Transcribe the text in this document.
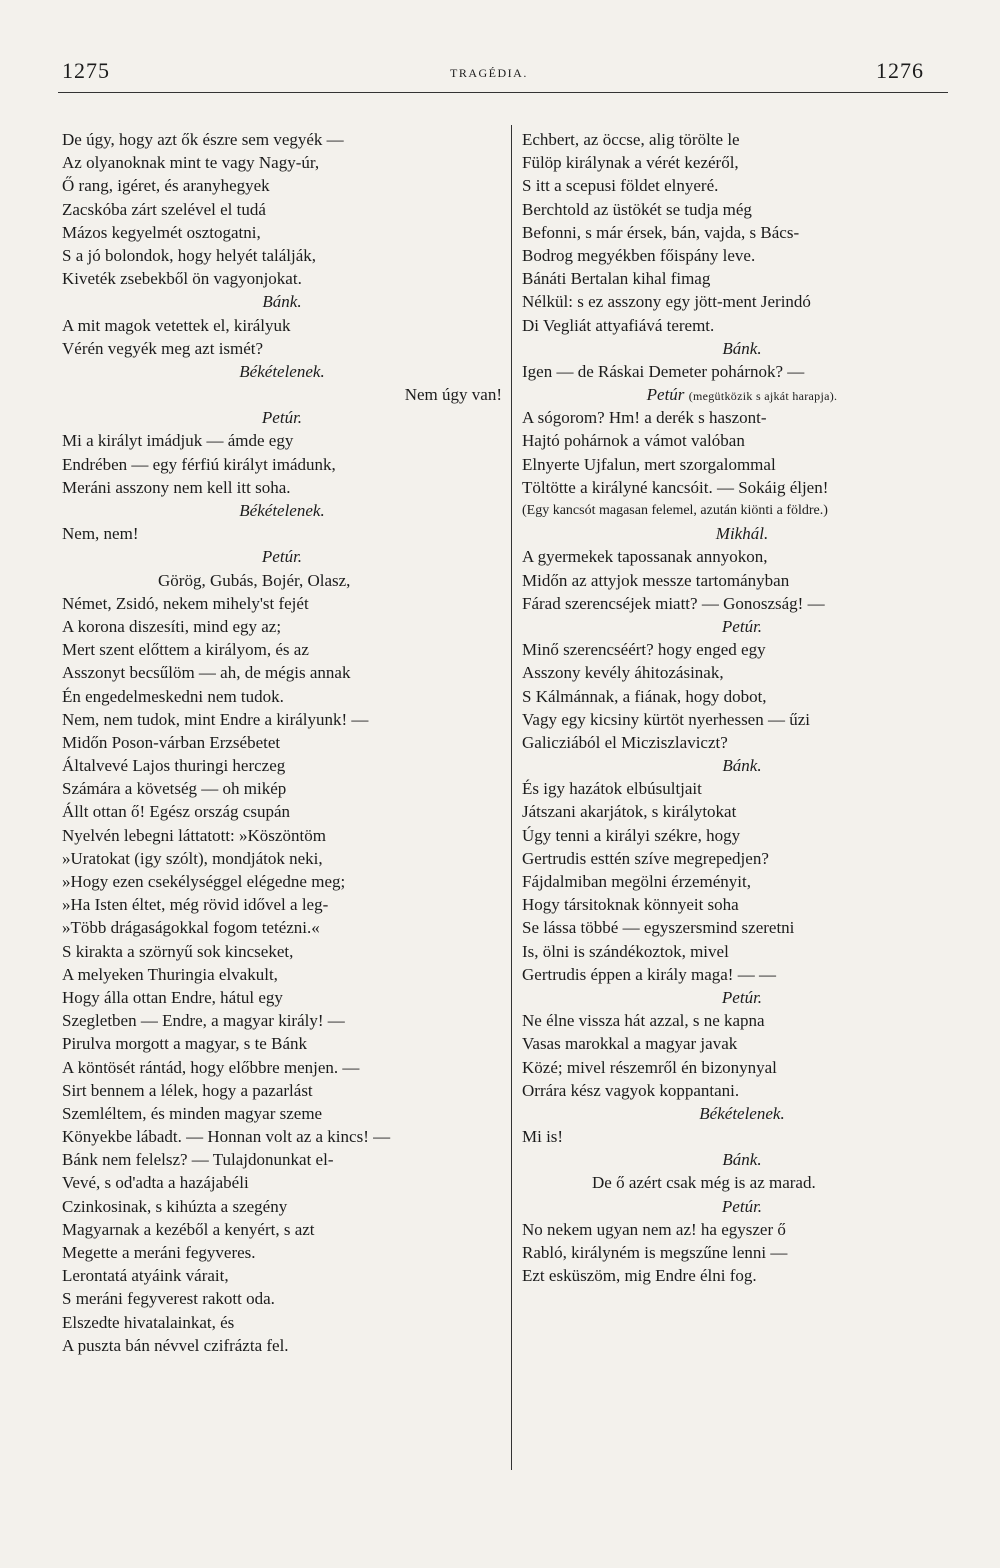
1275	TRAGÉDIA.	1276
De úgy, hogy azt ők észre sem vegyék —
Az olyanoknak mint te vagy Nagy-úr,
Ő rang, igéret, és aranyhegyek
Zacskóba zárt szelével el tudá
Mázos kegyelmét osztogatni,
S a jó bolondok, hogy helyét találják,
Kiveték zsebekből ön vagyonjokat.
Bánk.
A mit magok vetettek el, királyuk
Vérén vegyék meg azt ismét?
Békételenek.
Nem úgy van!
Petúr.
Mi a királyt imádjuk — ámde egy
Endrében — egy férfiú királyt imádunk,
Meráni asszony nem kell itt soha.
Békételenek.
Nem, nem!
Petúr.
Görög, Gubás, Bojér, Olasz,
Német, Zsidó, nekem mihely'st fejét
A korona diszesíti, mind egy az;
Mert szent előttem a királyom, és az
Asszonyt becsűlöm — ah, de mégis annak
Én engedelmeskedni nem tudok.
Nem, nem tudok, mint Endre a királyunk! —
Midőn Poson-várban Erzsébetet
Általvevé Lajos thuringi herczeg
Számára a követség — oh mikép
Állt ottan ő! Egész ország csupán
Nyelvén lebegni láttatott: »Köszöntöm
»Uratokat (igy szólt), mondjátok neki,
»Hogy ezen csekélységgel elégedne meg;
»Ha Isten éltet, még rövid idővel a leg-
»Több drágaságokkal fogom tetézni.«
S kirakta a szörnyű sok kincseket,
A melyeken Thuringia elvakult,
Hogy álla ottan Endre, hátul egy
Szegletben — Endre, a magyar király! —
Pirulva morgott a magyar, s te Bánk
A köntösét rántád, hogy előbbre menjen. —
Sirt bennem a lélek, hogy a pazarlást
Szemléltem, és minden magyar szeme
Könyekbe lábadt. — Honnan volt az a kincs! —
Bánk nem felelsz? — Tulajdonunkat el-
Vevé, s od'adta a hazájabéli
Czinkosinak, s kihúzta a szegény
Magyarnak a kezéből a kenyért, s azt
Megette a meráni fegyveres.
Lerontatá atyáink várait,
S meráni fegyverest rakott oda.
Elszedte hivatalainkat, és
A puszta bán névvel czifrázta fel.
Echbert, az öccse, alig törölte le
Fülöp királynak a vérét kezéről,
S itt a scepusi földet elnyeré.
Berchtold az üstökét se tudja még
Befonni, s már érsek, bán, vajda, s Bács-
Bodrog megyékben főispány leve.
Bánáti Bertalan kihal fimag
Nélkül: s ez asszony egy jött-ment Jerindó
Di Vegliát attyafiává teremt.
Bánk.
Igen — de Ráskai Demeter pohárnok? —
Petúr (megütközik s ajkát harapja).
A sógorom? Hm! a derék s haszont-
Hajtó pohárnok a vámot valóban
Elnyerte Ujfalun, mert szorgalommal
Töltötte a királyné kancsóit. — Sokáig éljen!
(Egy kancsót magasan felemel, azután kiönti a földre.)
Mikhál.
A gyermekek tapossanak annyokon,
Midőn az attyjok messze tartományban
Fárad szerencséjek miatt? — Gonoszság! —
Petúr.
Minő szerencséért? hogy enged egy
Asszony kevély áhitozásinak,
S Kálmánnak, a fiának, hogy dobot,
Vagy egy kicsiny kürtöt nyerhessen — űzi
Galicziából el Micziszlaviczt?
Bánk.
És igy hazátok elbúsultjait
Játszani akarjátok, s királytokat
Úgy tenni a királyi székre, hogy
Gertrudis esttén szíve megrepedjen?
Fájdalmiban megölni érzeményit,
Hogy társitoknak könnyeit soha
Se lássa többé — egyszersmind szeretni
Is, ölni is szándékoztok, mivel
Gertrudis éppen a király maga! — —
Petúr.
Ne élne vissza hát azzal, s ne kapna
Vasas marokkal a magyar javak
Közé; mivel részemről én bizonynyal
Orrára kész vagyok koppantani.
Békételenek.
Mi is!
Bánk.
De ő azért csak még is az marad.
Petúr.
No nekem ugyan nem az! ha egyszer ő
Rabló, királyném is megszűne lenni —
Ezt esküszöm, mig Endre élni fog.
